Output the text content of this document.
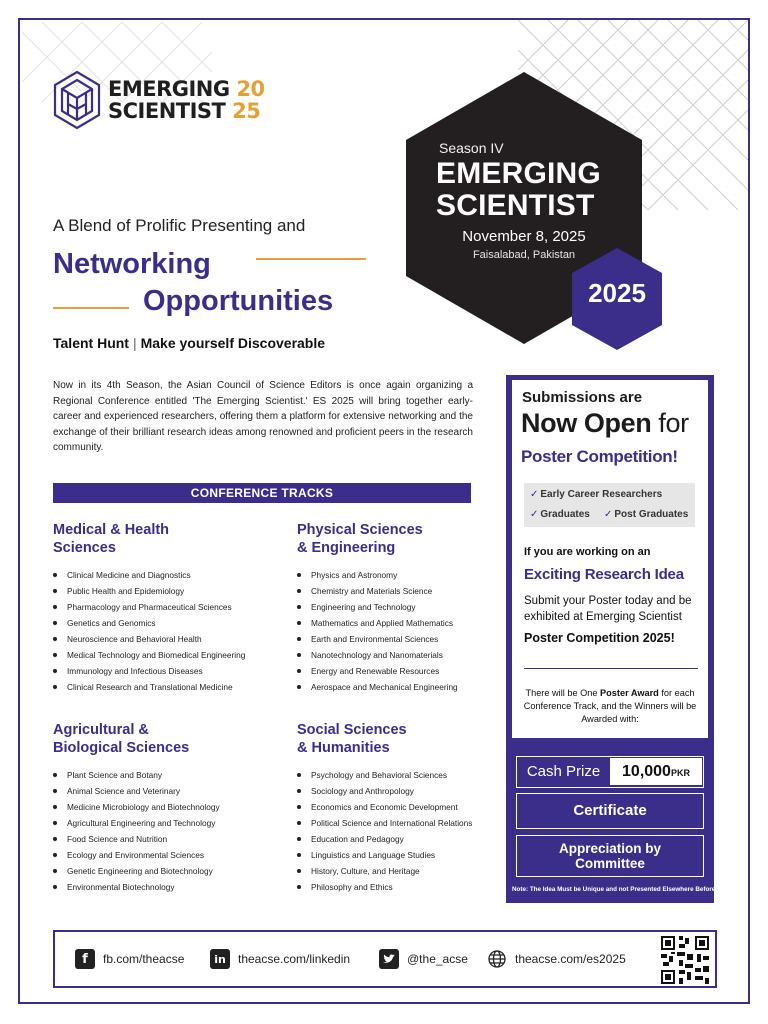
EMERGING 20
SCIENTIST 25
Season IV
EMERGING
SCIENTIST
November 8, 2025
Faisalabad, Pakistan
2025
A Blend of Prolific Presenting and
Networking
Opportunities
Talent Hunt | Make yourself Discoverable

Now in its 4th Season, the Asian Council of Science Editors is once again organizing a Regional Conference entitled 'The Emerging Scientist.' ES 2025 will bring together early-career and experienced researchers, offering them a platform for extensive networking and the exchange of their brilliant research ideas among renowned and proficient peers in the research community.

CONFERENCE TRACKS
Medical & Health
Sciences
Clinical Medicine and Diagnostics
Public Health and Epidemiology
Pharmacology and Pharmaceutical Sciences
Genetics and Genomics
Neuroscience and Behavioral Health
Medical Technology and Biomedical Engineering
Immunology and Infectious Diseases
Clinical Research and Translational Medicine
Physical Sciences
& Engineering
Physics and Astronomy
Chemistry and Materials Science
Engineering and Technology
Mathematics and Applied Mathematics
Earth and Environmental Sciences
Nanotechnology and Nanomaterials
Energy and Renewable Resources
Aerospace and Mechanical Engineering
Agricultural &
Biological Sciences
Plant Science and Botany
Animal Science and Veterinary
Medicine Microbiology and Biotechnology
Agricultural Engineering and Technology
Food Science and Nutrition
Ecology and Environmental Sciences
Genetic Engineering and Biotechnology
Environmental Biotechnology
Social Sciences
& Humanities
Psychology and Behavioral Sciences
Sociology and Anthropology
Economics and Economic Development
Political Science and International Relations
Education and Pedagogy
Linguistics and Language Studies
History, Culture, and Heritage
Philosophy and Ethics
Submissions are
Now Open for
Poster Competition!
✓ Early Career Researchers
✓ Graduates ✓ Post Graduates
If you are working on an
Exciting Research Idea
Submit your Poster today and be exhibited at Emerging Scientist
Poster Competition 2025!
There will be One Poster Award for each Conference Track, and the Winners will be Awarded with:
Cash Prize	10,000PKR
Certificate
Appreciation by
Committee
Note: The Idea Must be Unique and not Presented Elsewhere Before
f	fb.com/theacse	in	theacse.com/linkedin	@the_acse	theacse.com/es2025
